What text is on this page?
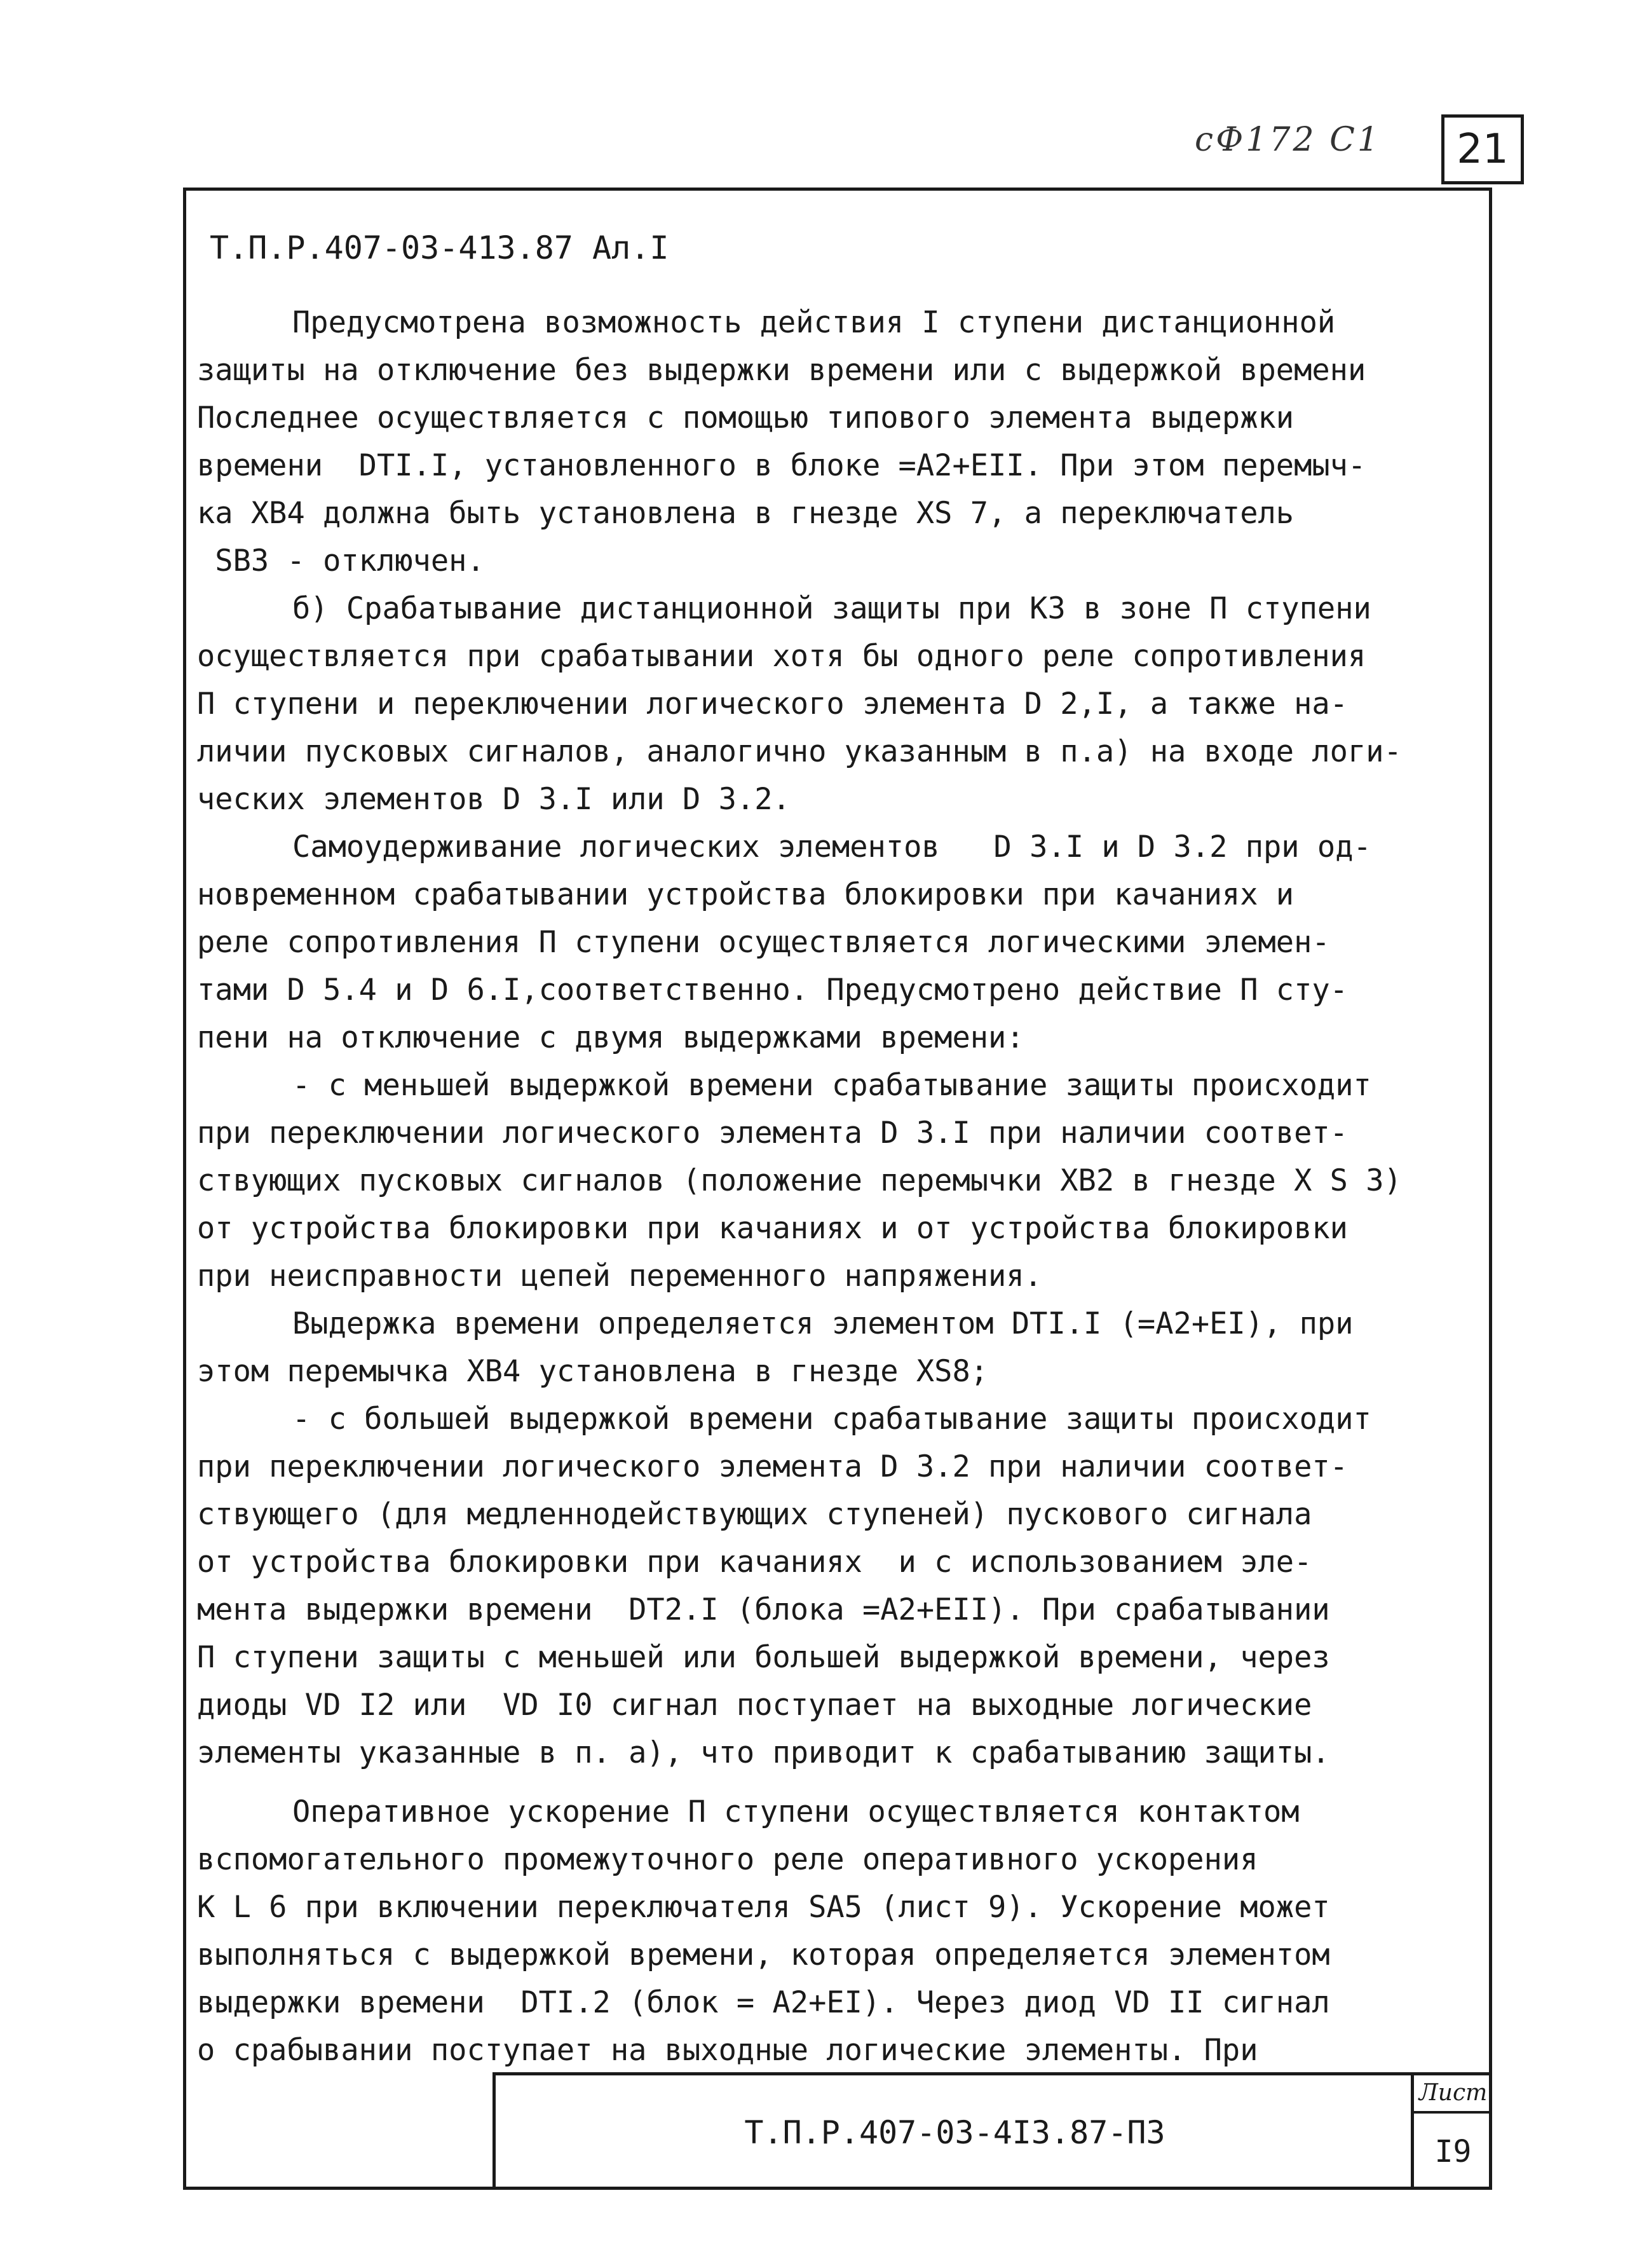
сФ172 С1	21
Т.П.Р.407-03-413.87 Ал.I
Предусмотрена возможность действия I ступени дистанционной
защиты на отключение без выдержки времени или с выдержкой времени
Последнее осуществляется с помощью типового элемента выдержки
времени  DTI.I, установленного в блоке =А2+ЕII. При этом перемыч-
ка ХВ4 должна быть установлена в гнезде ХS 7, а переключатель
SВ3 - отключен.
б) Срабатывание дистанционной защиты при КЗ в зоне П ступени
осуществляется при срабатывании хотя бы одного реле сопротивления
П ступени и переключении логического элемента D 2,I, а также на-
личии пусковых сигналов, аналогично указанным в п.а) на входе логи-
ческих элементов D 3.I или D 3.2.
Самоудерживание логических элементов   D 3.I и D 3.2 при од-
новременном срабатывании устройства блокировки при качаниях и
реле сопротивления П ступени осуществляется логическими элемен-
тами D 5.4 и D 6.I,соответственно. Предусмотрено действие П сту-
пени на отключение с двумя выдержками времени:
- с меньшей выдержкой времени срабатывание защиты происходит
при переключении логического элемента D 3.I при наличии соответ-
ствующих пусковых сигналов (положение перемычки ХВ2 в гнезде Х S 3)
от устройства блокировки при качаниях и от устройства блокировки
при неисправности цепей переменного напряжения.
Выдержка времени определяется элементом DTI.I (=А2+ЕI), при
этом перемычка ХВ4 установлена в гнезде ХS8;
- с большей выдержкой времени срабатывание защиты происходит
при переключении логического элемента D 3.2 при наличии соответ-
ствующего (для медленнодействующих ступеней) пускового сигнала
от устройства блокировки при качаниях  и с использованием эле-
мента выдержки времени  DT2.I (блока =А2+ЕII). При срабатывании
П ступени защиты с меньшей или большей выдержкой времени, через
диоды VD I2 или  VD I0 сигнал поступает на выходные логические
элементы указанные в п. а), что приводит к срабатыванию защиты.
Оперативное ускорение П ступени осуществляется контактом
вспомогательного промежуточного реле оперативного ускорения
К L 6 при включении переключателя SА5 (лист 9). Ускорение может
выполняться с выдержкой времени, которая определяется элементом
выдержки времени  DTI.2 (блок = А2+ЕI). Через диод VD II сигнал
о срабывании поступает на выходные логические элементы. При
Т.П.Р.407-03-4I3.87-ПЗ
Лист
I9
